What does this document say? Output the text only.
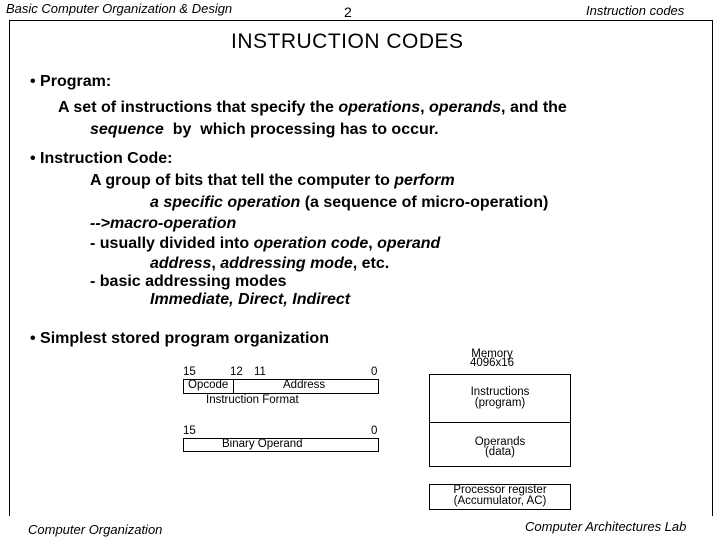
Basic Computer Organization & Design	2	Instruction codes
INSTRUCTION CODES
• Program:
A set of instructions that specify the operations, operands, and the
sequence  by  which processing has to occur.
• Instruction Code:
A group of bits that tell the computer to perform
a specific operation (a sequence of micro-operation)
-->macro-operation
- usually divided into operation code, operand
address, addressing mode, etc.
- basic addressing modes
Immediate, Direct, Indirect
• Simplest stored program organization
15	12 11	0
Opcode	Address
Instruction Format
15	0
Binary Operand
Memory
4096x16
Instructions
(program)
Operands
(data)
Processor register
(Accumulator, AC)
Computer Organization	Computer Architectures Lab
